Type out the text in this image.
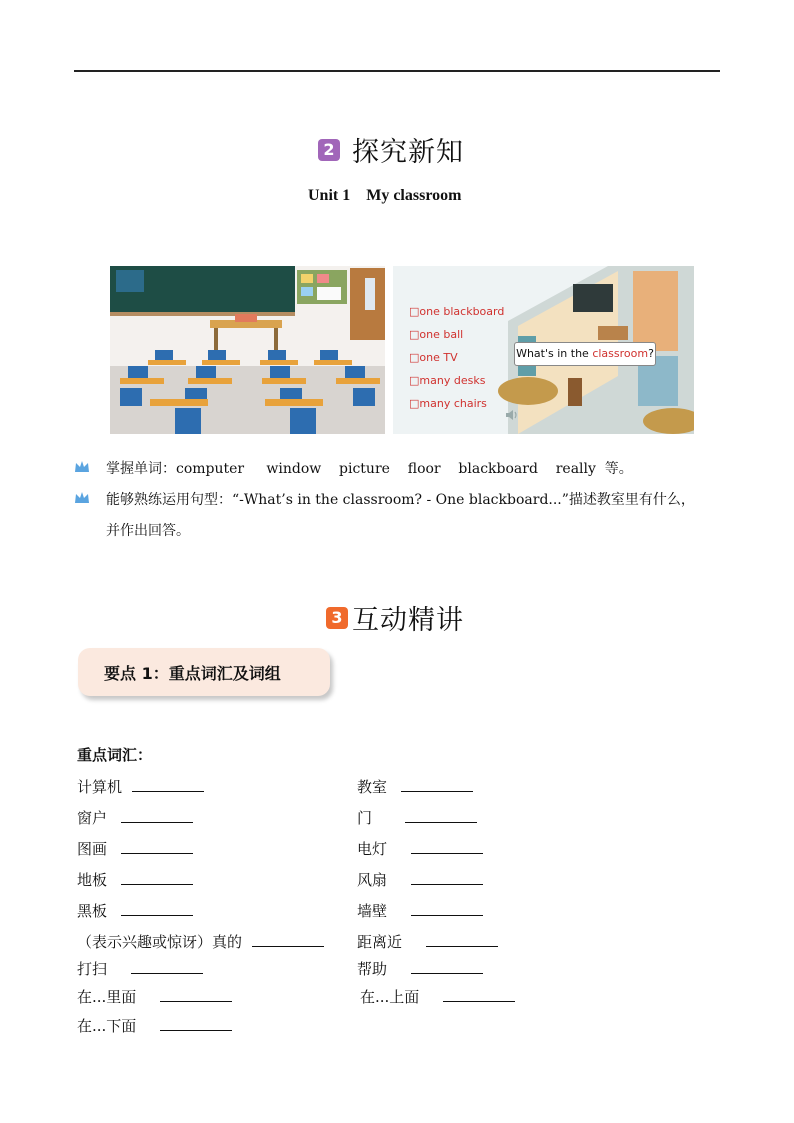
2 探究新知
Unit 1    My classroom
□one blackboard
□one ball
□one TV
□many desks
□many chairs
What's in the classroom?
掌握单词：computer     window    picture    floor    blackboard    really  等。
能够熟练运用句型：“-What’s in the classroom? - One blackboard...”描述教室里有什么，
并作出回答。
3 互动精讲
要点 1：重点词汇及词组
重点词汇：
计算机	教室
窗户	门
图画	电灯
地板	风扇
黑板	墙壁
（表示兴趣或惊讶）真的	距离近
打扫	帮助
在...里面	在...上面
在...下面
